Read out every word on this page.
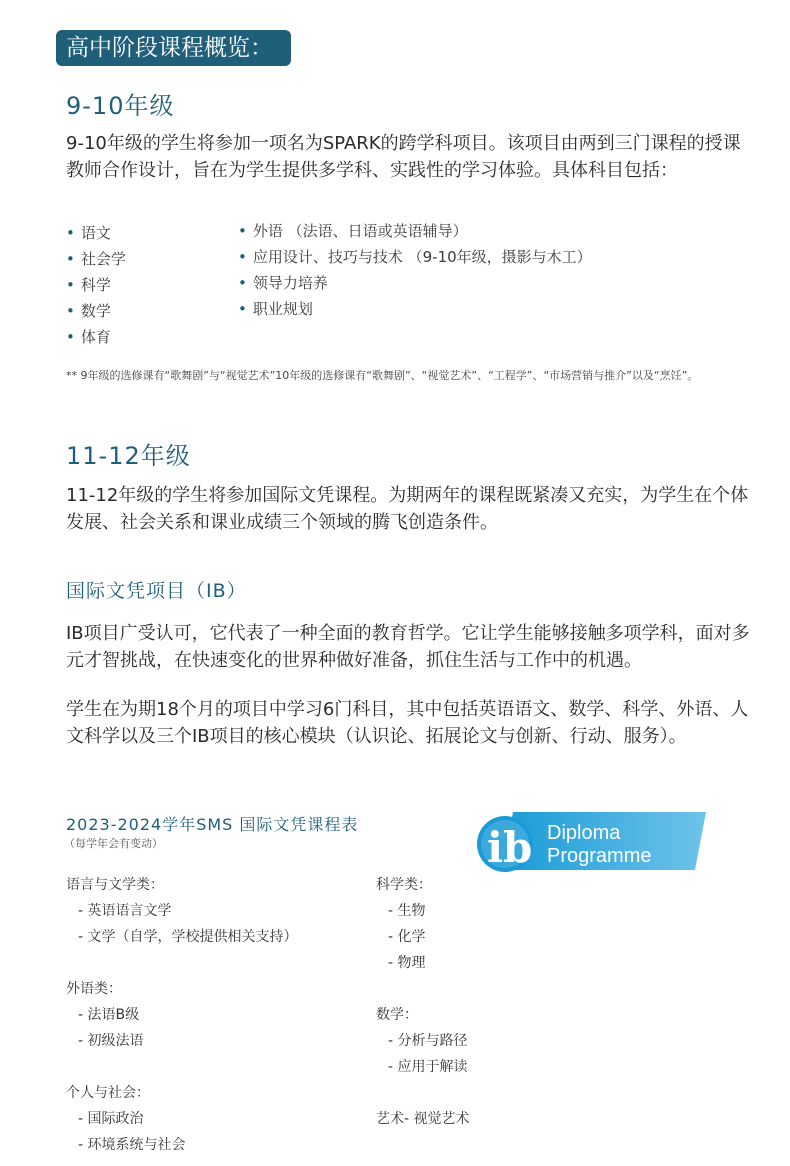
高中阶段课程概览：
9-10年级
9-10年级的学生将参加一项名为SPARK的跨学科项目。该项目由两到三门课程的授课教师合作设计，旨在为学生提供多学科、实践性的学习体验。具体科目包括：
• 语文
• 社会学
• 科学
• 数学
• 体育
• 外语 （法语、日语或英语辅导）
• 应用设计、技巧与技术 （9-10年级，摄影与木工）
• 领导力培养
• 职业规划
** 9年级的选修课有“歌舞剧”与“视觉艺术”10年级的选修课有“歌舞剧”、“视觉艺术”、“工程学”、“市场营销与推介”以及“烹饪”。
11-12年级
11-12年级的学生将参加国际文凭课程。为期两年的课程既紧凑又充实，为学生在个体发展、社会关系和课业成绩三个领域的腾飞创造条件。
国际文凭项目（IB）
IB项目广受认可，它代表了一种全面的教育哲学。它让学生能够接触多项学科，面对多元才智挑战，在快速变化的世界种做好准备，抓住生活与工作中的机遇。
学生在为期18个月的项目中学习6门科目，其中包括英语语文、数学、科学、外语、人文科学以及三个IB项目的核心模块（认识论、拓展论文与创新、行动、服务）。
2023-2024学年SMS 国际文凭课程表
（每学年会有变动）	ib Diploma
Programme
语言与文学类：
- 英语语言文学
- 文学（自学，学校提供相关支持）
外语类：
- 法语B级
- 初级法语
个人与社会：
- 国际政治
- 环境系统与社会
科学类：
- 生物
- 化学
- 物理
数学：
- 分析与路径
- 应用于解读
艺术- 视觉艺术
